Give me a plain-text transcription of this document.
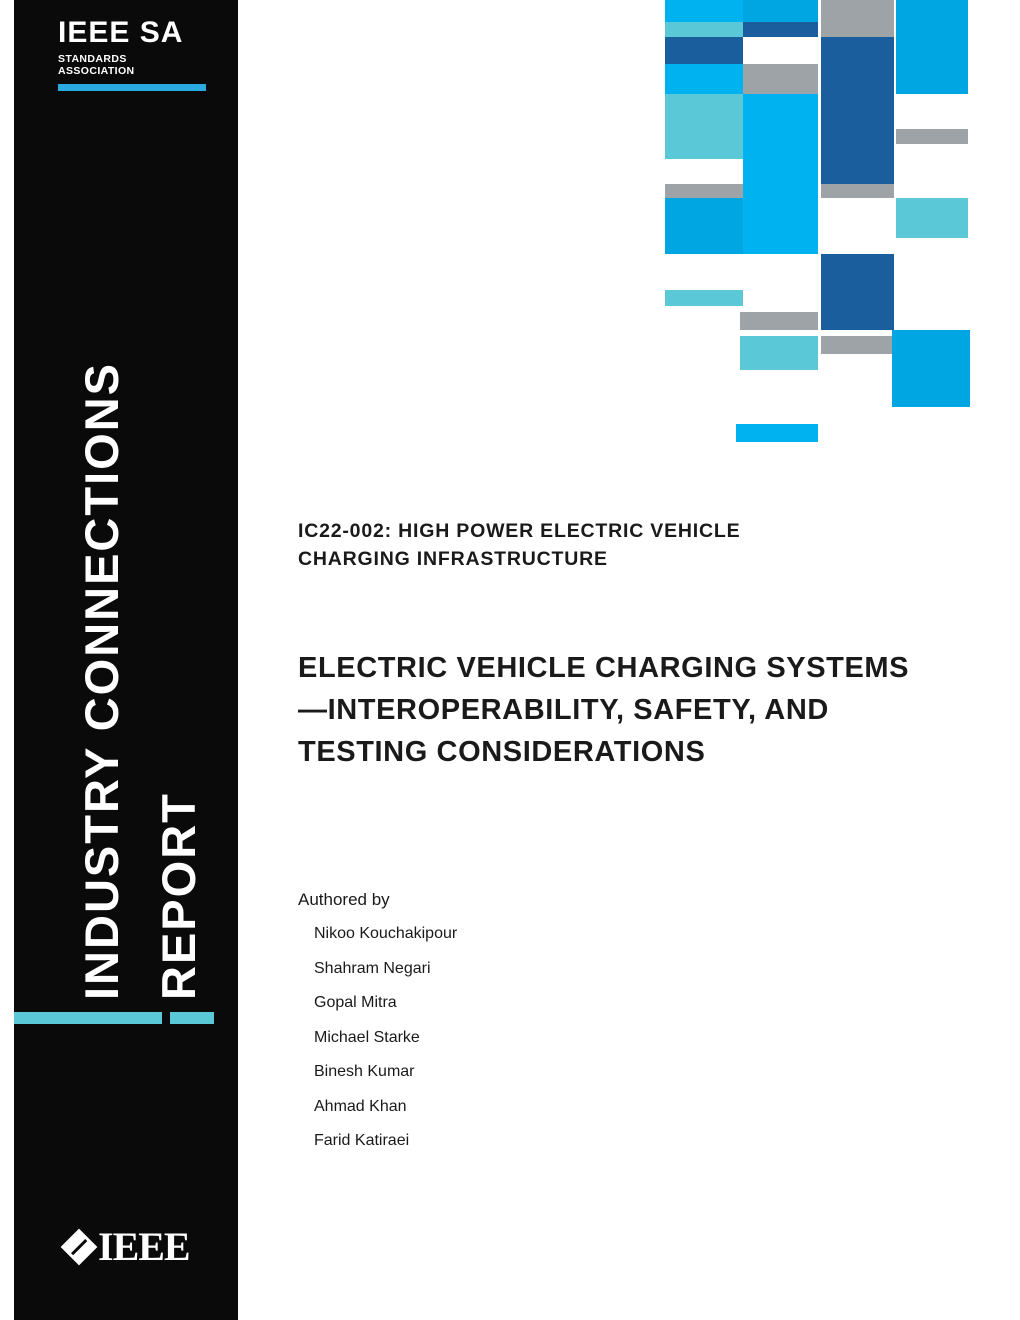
IEEE SA
STANDARDS
ASSOCIATION
INDUSTRY CONNECTIONS REPORT
IEEE
IC22-002: HIGH POWER ELECTRIC VEHICLE CHARGING INFRASTRUCTURE
ELECTRIC VEHICLE CHARGING SYSTEMS—INTEROPERABILITY, SAFETY, AND TESTING CONSIDERATIONS
Authored by
Nikoo Kouchakipour
Shahram Negari
Gopal Mitra
Michael Starke
Binesh Kumar
Ahmad Khan
Farid Katiraei
